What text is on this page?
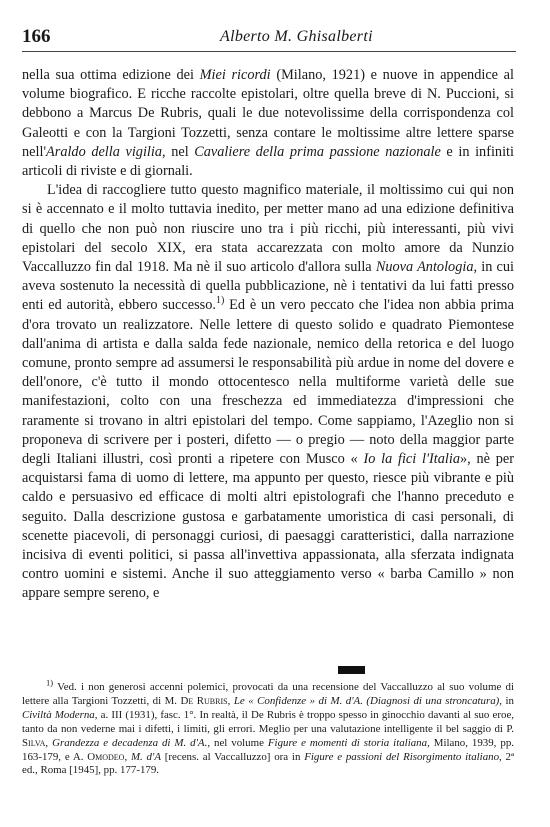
166	Alberto M. Ghisalberti

nella sua ottima edizione dei Miei ricordi (Milano, 1921) e nuove in appendice al volume biografico. E ricche raccolte epistolari, oltre quella breve di N. Puccioni, si debbono a Marcus De Rubris, quali le due notevolissime della corrispondenza col Galeotti e con la Targioni Tozzetti, senza contare le moltissime altre lettere sparse nell'Araldo della vigilia, nel Cavaliere della prima passione nazionale e in infiniti articoli di riviste e di giornali.

L'idea di raccogliere tutto questo magnifico materiale, il moltissimo cui qui non si è accennato e il molto tuttavia inedito, per metter mano ad una edizione definitiva di quello che non può non riuscire uno tra i più ricchi, più interessanti, più vivi epistolari del secolo XIX, era stata accarezzata con molto amore da Nunzio Vaccalluzzo fin dal 1918. Ma nè il suo articolo d'allora sulla Nuova Antologia, in cui aveva sostenuto la necessità di quella pubblicazione, nè i tentativi da lui fatti presso enti ed autorità, ebbero successo.$^{1)}$ Ed è un vero peccato che l'idea non abbia prima d'ora trovato un realizzatore. Nelle lettere di questo solido e quadrato Piemontese dall'anima di artista e dalla salda fede nazionale, nemico della retorica e del luogo comune, pronto sempre ad assumersi le responsabilità più ardue in nome del dovere e dell'onore, c'è tutto il mondo ottocentesco nella multiforme varietà delle sue manifestazioni, colto con una freschezza ed immediatezza d'impressioni che raramente si trovano in altri epistolari del tempo. Come sappiamo, l'Azeglio non si proponeva di scrivere per i posteri, difetto — o pregio — noto della maggior parte degli Italiani illustri, così pronti a ripetere con Musco « Io la fici l'Italia», nè per acquistarsi fama di uomo di lettere, ma appunto per questo, riesce più vibrante e più caldo e persuasivo ed efficace di molti altri epistolografi che l'hanno preceduto e seguito. Dalla descrizione gustosa e garbatamente umoristica di casi personali, di scenette piacevoli, di personaggi curiosi, di paesaggi caratteristici, dalla narrazione incisiva di eventi politici, si passa all'invettiva appassionata, alla sferzata indignata contro uomini e sistemi. Anche il suo atteggiamento verso « barba Camillo » non appare sempre sereno, e

$^{1)}$ Ved. i non generosi accenni polemici, provocati da una recensione del Vaccalluzzo al suo volume di lettere alla Targioni Tozzetti, di M. De Rubris, Le « Confidenze » di M. d'A. (Diagnosi di una stroncatura), in Civiltà Moderna, a. III (1931), fasc. 1°. In realtà, il De Rubris è troppo spesso in ginocchio davanti al suo eroe, tanto da non vederne mai i difetti, i limiti, gli errori. Meglio per una valutazione intelligente il bel saggio di P. Silva, Grandezza e decadenza di M. d'A., nel volume Figure e momenti di storia italiana, Milano, 1939, pp. 163-179, e A. Omodeo, M. d'A [recens. al Vaccalluzzo] ora in Figure e passioni del Risorgimento italiano, 2ª ed., Roma [1945], pp. 177-179.
